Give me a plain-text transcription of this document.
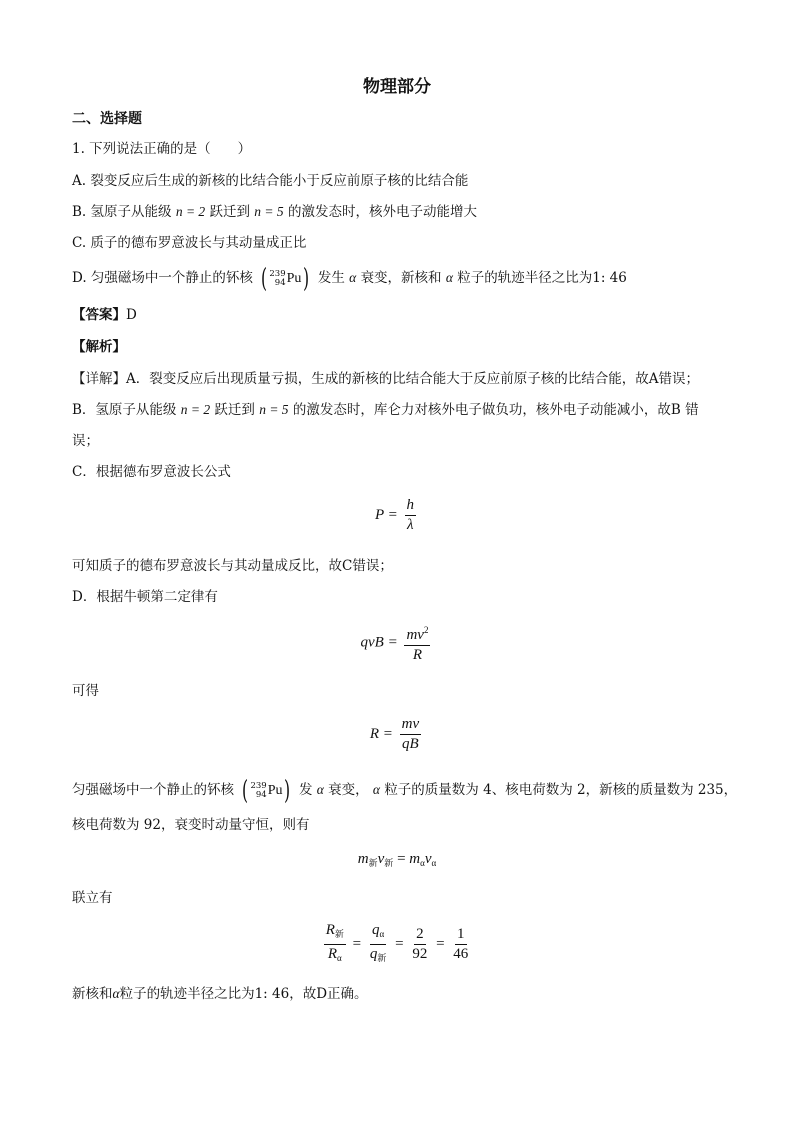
物理部分
二、选择题
1. 下列说法正确的是（　　）
A. 裂变反应后生成的新核的比结合能小于反应前原子核的比结合能
B. 氢原子从能级 n = 2 跃迁到 n = 5 的激发态时，核外电子动能增大
C. 质子的德布罗意波长与其动量成正比
D. 匀强磁场中一个静止的钚核 ( 239
94 Pu ) 发生 α 衰变，新核和 α 粒子的轨迹半径之比为1: 46
【答案】D
【解析】
【详解】A．裂变反应后出现质量亏损，生成的新核的比结合能大于反应前原子核的比结合能，故A错误；
B．氢原子从能级 n = 2 跃迁到 n = 5 的激发态时，库仑力对核外电子做负功，核外电子动能减小，故B 错
误；
C．根据德布罗意波长公式
$P = \frac{h}{\lambda}$
可知质子的德布罗意波长与其动量成反比，故C错误；
D．根据牛顿第二定律有
qvB = $\frac{mv^2}{R}$
可得
$R = \frac{mv}{qB}$
匀强磁场中一个静止的钚核 ( 239
94 Pu ) 发 α 衰变， α 粒子的质量数为 4、核电荷数为 2，新核的质量数为 235，
核电荷数为 92，衰变时动量守恒，则有
$m_新v_新 = m_\alpha v_\alpha$
联立有
$\frac{R_新}{R_\alpha} = \frac{q_\alpha}{q_新} = \frac{2}{92} = \frac{1}{46}$
新核和α粒子的轨迹半径之比为1: 46，故D正确。
